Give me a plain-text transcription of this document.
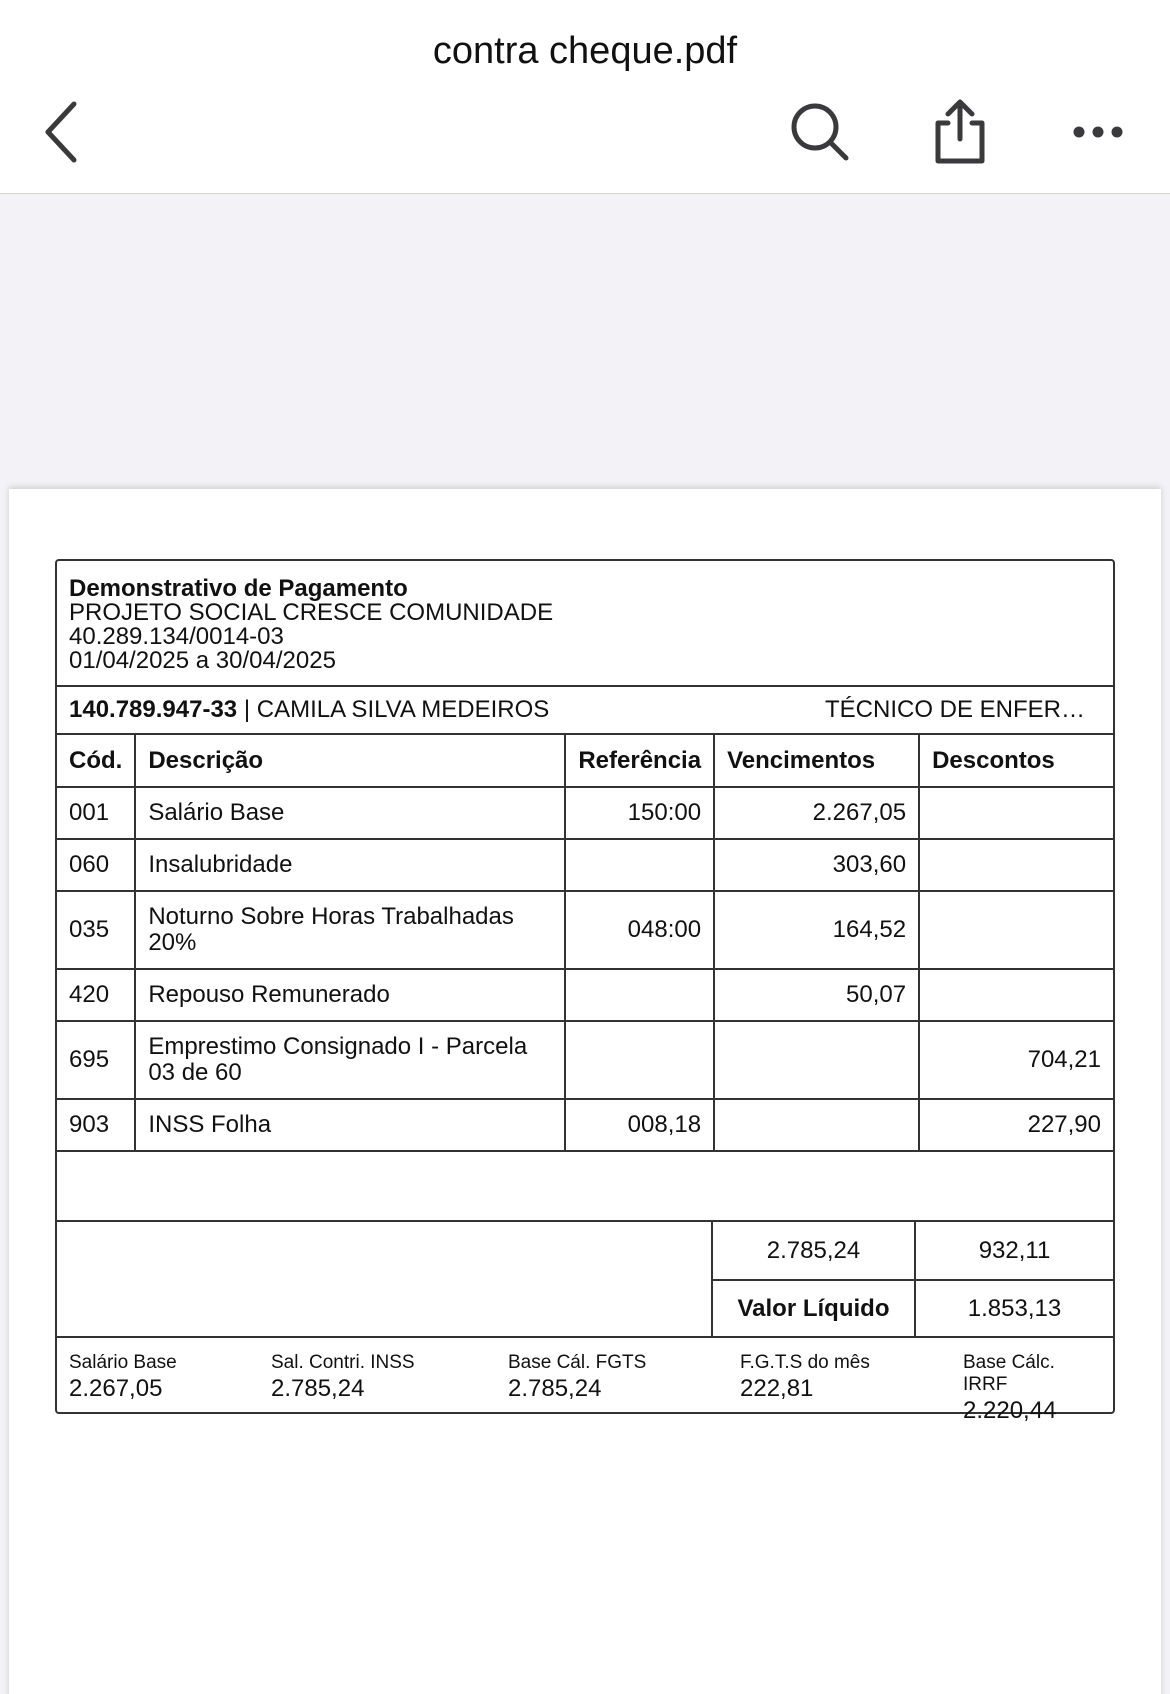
contra cheque.pdf
Demonstrativo de Pagamento
PROJETO SOCIAL CRESCE COMUNIDADE
40.289.134/0014-03
01/04/2025 a 30/04/2025
140.789.947-33 | CAMILA SILVA MEDEIROS	TÉCNICO DE ENFER…
Cód.	Descrição	Referência	Vencimentos	Descontos
001	Salário Base	150:00	2.267,05	
060	Insalubridade		303,60	
035	Noturno Sobre Horas Trabalhadas 20%	048:00	164,52	
420	Repouso Remunerado		50,07	
695	Emprestimo Consignado I - Parcela 03 de 60			704,21
903	INSS Folha	008,18		227,90
2.785,24	932,11
Valor Líquido	1.853,13
Salário Base
2.267,05
Sal. Contri. INSS
2.785,24
Base Cál. FGTS
2.785,24
F.G.T.S do mês
222,81
Base Cálc. IRRF
2.220,44
